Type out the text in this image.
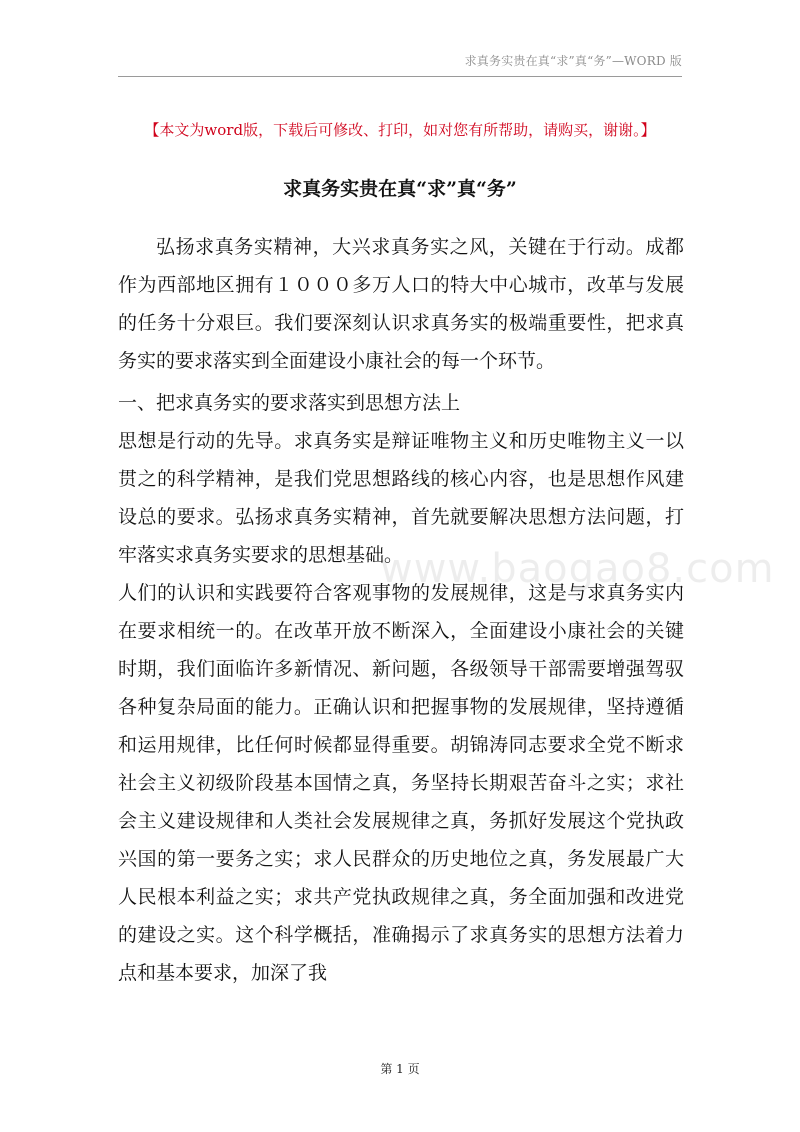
求真务实贵在真“求”真“务”—WORD 版
【本文为word版，下载后可修改、打印，如对您有所帮助，请购买，谢谢。】
求真务实贵在真“求”真“务”
www.baogao8.com

弘扬求真务实精神，大兴求真务实之风，关键在于行动。成都作为西部地区拥有１０００多万人口的特大中心城市，改革与发展的任务十分艰巨。我们要深刻认识求真务实的极端重要性，把求真务实的要求落实到全面建设小康社会的每一个环节。

一、把求真务实的要求落实到思想方法上

思想是行动的先导。求真务实是辩证唯物主义和历史唯物主义一以贯之的科学精神，是我们党思想路线的核心内容，也是思想作风建设总的要求。弘扬求真务实精神，首先就要解决思想方法问题，打牢落实求真务实要求的思想基础。

人们的认识和实践要符合客观事物的发展规律，这是与求真务实内在要求相统一的。在改革开放不断深入，全面建设小康社会的关键时期，我们面临许多新情况、新问题，各级领导干部需要增强驾驭各种复杂局面的能力。正确认识和把握事物的发展规律，坚持遵循和运用规律，比任何时候都显得重要。胡锦涛同志要求全党不断求社会主义初级阶段基本国情之真，务坚持长期艰苦奋斗之实；求社会主义建设规律和人类社会发展规律之真，务抓好发展这个党执政兴国的第一要务之实；求人民群众的历史地位之真，务发展最广大人民根本利益之实；求共产党执政规律之真，务全面加强和改进党的建设之实。这个科学概括，准确揭示了求真务实的思想方法着力点和基本要求，加深了我

第 1 页
